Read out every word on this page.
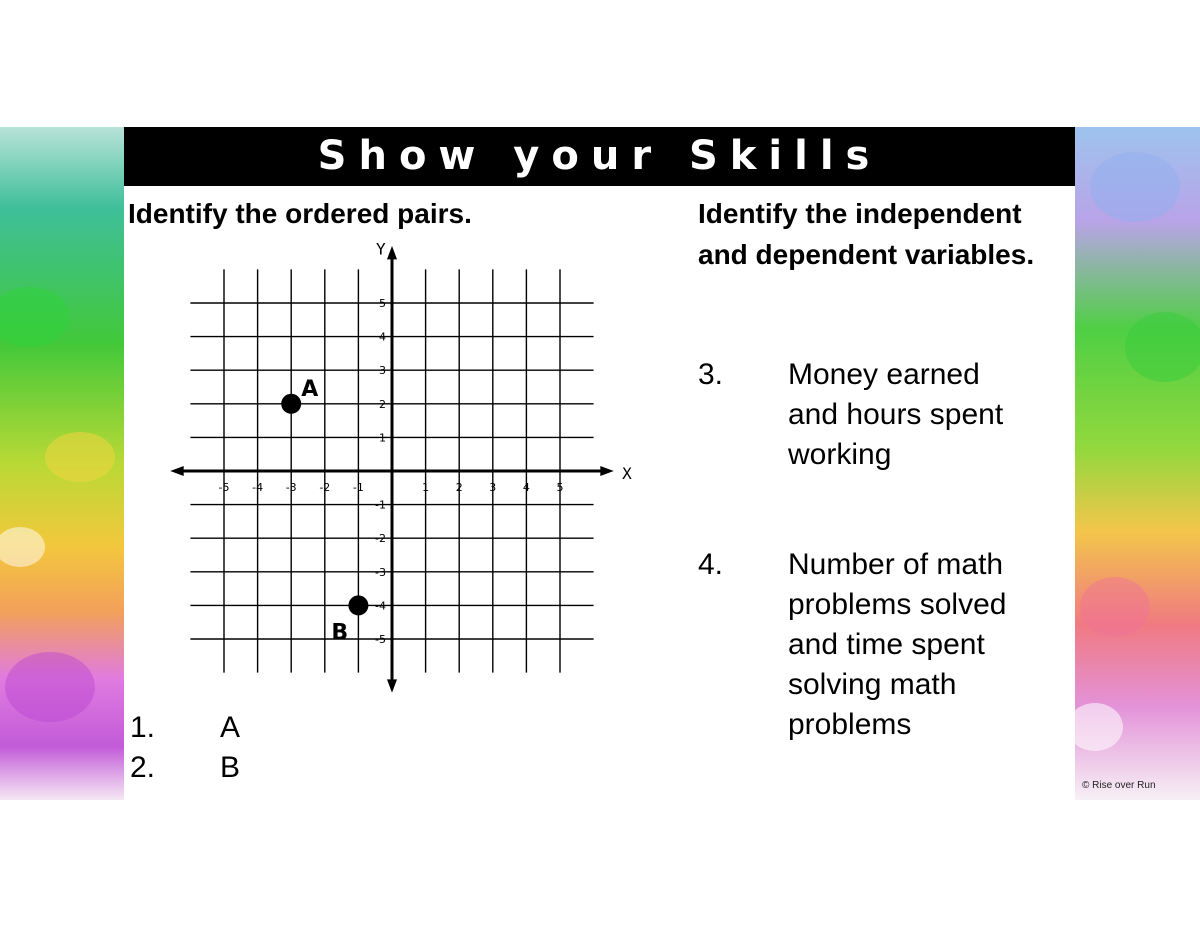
Show your Skills

Identify the ordered pairs.	Identify the independent and dependent variables.

X
Y
-5 -4 -3 -2 -1	1 2 3 4 5
5
4
3
2
1
-1
-2
-3
-4
-5
A
B
1. A
2. B
3. Money earned
and hours spent
working
4. Number of math
problems solved
and time spent
solving math
problems
© Rise over Run
